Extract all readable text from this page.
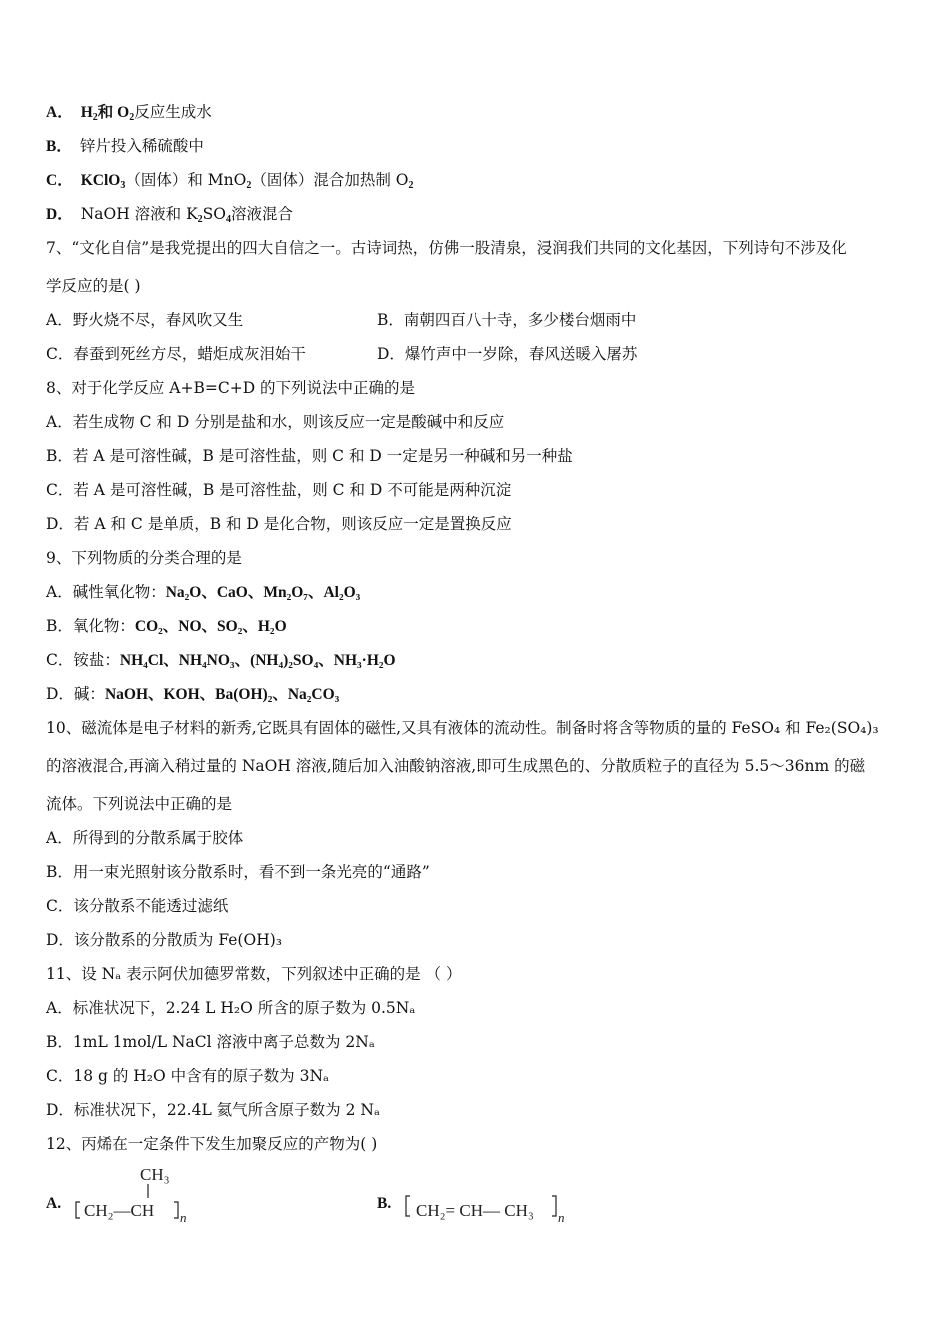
A． $H_2$和 $O_2$反应生成水
B． 锌片投入稀硫酸中
C． KClO$_3$（固体）和 MnO$_2$（固体）混合加热制 $O_2$
D． NaOH 溶液和 $K_2SO_4$溶液混合
7、“文化自信”是我党提出的四大自信之一。古诗词热，仿佛一股清泉，浸润我们共同的文化基因，下列诗句不涉及化
学反应的是( )
A．野火烧不尽，春风吹又生	B．南朝四百八十寺，多少楼台烟雨中
C．春蚕到死丝方尽，蜡炬成灰泪始干	D．爆竹声中一岁除，春风送暖入屠苏
8、对于化学反应 A+B=C+D 的下列说法中正确的是
A．若生成物 C 和 D 分别是盐和水，则该反应一定是酸碱中和反应
B．若 A 是可溶性碱，B 是可溶性盐，则 C 和 D 一定是另一种碱和另一种盐
C．若 A 是可溶性碱，B 是可溶性盐，则 C 和 D 不可能是两种沉淀
D．若 A 和 C 是单质，B 和 D 是化合物，则该反应一定是置换反应
9、下列物质的分类合理的是
A．碱性氧化物：Na₂O、CaO、Mn₂O₇、Al₂O₃
B．氧化物：CO₂、NO、SO₂、H₂O
C．铵盐：NH₄Cl、NH₄NO₃、(NH₄)₂SO₄、NH₃·H₂O
D．碱：NaOH、KOH、Ba(OH)₂、Na₂CO₃
10、磁流体是电子材料的新秀,它既具有固体的磁性,又具有液体的流动性。制备时将含等物质的量的 FeSO₄ 和 Fe₂(SO₄)₃
的溶液混合,再滴入稍过量的 NaOH 溶液,随后加入油酸钠溶液,即可生成黑色的、分散质粒子的直径为 5.5～36nm 的磁
流体。下列说法中正确的是
A．所得到的分散系属于胶体
B．用一束光照射该分散系时，看不到一条光亮的“通路”
C．该分散系不能透过滤纸
D．该分散系的分散质为 Fe(OH)₃
11、设 Nₐ 表示阿伏加德罗常数，下列叙述中正确的是 （ ）
A．标准状况下，2.24 L H₂O 所含的原子数为 0.5Nₐ
B．1mL 1mol/L NaCl 溶液中离子总数为 2Nₐ
C．18 g 的 H₂O 中含有的原子数为 3Nₐ
D．标准状况下，22.4L 氦气所含原子数为 2 Nₐ
12、丙烯在一定条件下发生加聚反应的产物为( )
A.
CH₃
CH₂—CH n
B. CH₂= CH— CH₃ n
